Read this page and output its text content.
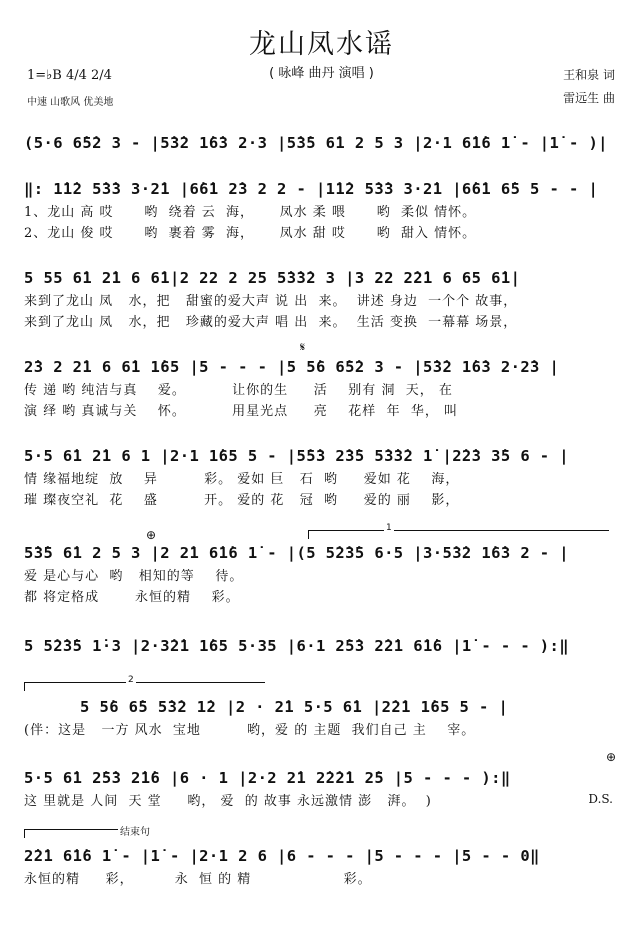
龙山凤水谣
( 咏峰 曲丹 演唱 )
1=♭B 4/4 2/4
中速 山歌风 优美地
王和泉 词
雷远生 曲
(5·6 6̇5̇2 3 - |5̇3̇2 1̇6̇3 2·3 |5̇3̇5 6̇1 2 5 3 |2·1 6̇1̇6 1̇ - |1̇ - )|
‖: 1̇1̇2 5̇3̇3 3·2̇1 |6̇6̇1 2̇3 2 2 - |1̇1̇2 5̇3̇3 3·2̇1 |6̇6̇1 6̇5 5 - - |
1、龙山 高 哎      哟  绕着 云  海，     凤水 柔 喂      哟  柔似 情怀。
2、龙山 俊 哎      哟  裹着 雾  海，     凤水 甜 哎      哟  甜入 情怀。
5 55 6̇1 2̇1 6 6̇1|2 22 2 25 5̇3̇3̇2 3 |3 22 2̇2̇1 6 65 6̇1|
来到了龙山 凤   水，把   甜蜜的爱大声 说 出  来。  讲述 身边  一个个 故事，
来到了龙山 凤   水，把   珍藏的爱大声 唱 出  来。  生活 变换  一幕幕 场景，
2̇3 2 2̇1 6 6̇1 1̇65 |5 - - - |5 5̇6 6̇5̇2 3 - |5̇3̇2 1̇6̇3 2·2̇3 |
传 递 哟 纯洁与真    爱。         让你的生     活    别有 洞  天， 在
演 绎 哟 真诚与关    怀。         用星光点     亮    花样  年  华， 叫
𝄋
5·5 6̇1 2̇1 6 1 |2·1 1̇65 5 - |5̇5̇3 2̇3̇5 5̇3̇3̇2 1̇ |2̇2̇3 3̇5 6 - |
情 缘福地绽  放    异         彩。 爱如 巨   石  哟     爱如 花    海，
璀 璨夜空礼  花    盛         开。 爱的 花   冠  哟     爱的 丽    影，
⊕	1
5̇3̇5 6̇1 2 5 3 |2 2̇1 6̇1̇6 1̇ - |(5 5̇2̇3̇5 6·5 |3·5̇3̇2 1̇6̇3 2 - |
爱 是心与心  哟   相知的等    待。
都 将定格成       永恒的精    彩。
5 5̇2̇3̇5 1̇·3 |2·3̇2̇1 1̇65 5·35 |6·1 2̇5̇3 2̇2̇1 6̇1̇6 |1̇ - - - ):‖
2
5 5̇6 6̇5 5̇3̇2 1̇2 |2 · 2̇1 5·5 6̇1 |2̇2̇1 1̇65 5 - |
(伴：这是   一方 风水  宝地         哟，爱 的 主题  我们自己 主    宰。
⊕
5·5 6̇1 2̇5̇3 2̇1̇6 |6 · 1 |2·2 2̇1 2̇2̇2̇1 2̇5 |5 - - - ):‖
这 里就是 人间  天 堂     哟， 爱  的 故事 永远激情 澎   湃。  )	D.S.
结束句
2̇2̇1 6̇1̇6 1̇ - |1̇ - |2·1 2 6 |6 - - - |5 - - - |5 - - 0‖
永恒的精     彩，        永  恒 的 精                  彩。
